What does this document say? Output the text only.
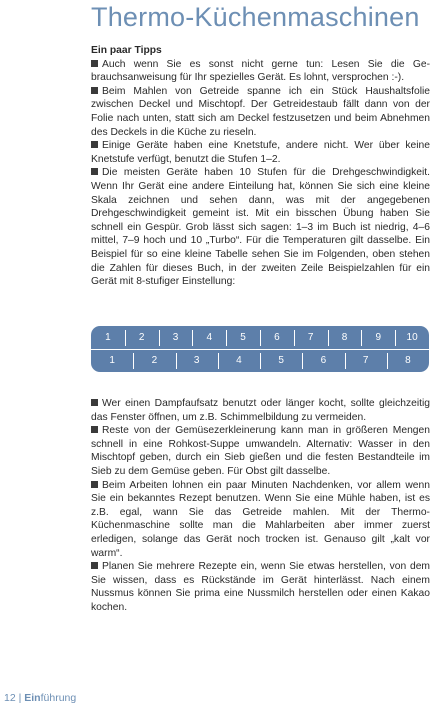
Thermo-Küchenmaschinen

Ein paar Tipps

Auch wenn Sie es sonst nicht gerne tun: Lesen Sie die Gebrauchsanweisung für Ihr spezielles Gerät. Es lohnt, versprochen :-).

Beim Mahlen von Getreide spanne ich ein Stück Haushaltsfolie zwischen Deckel und Mischtopf. Der Getreidestaub fällt dann von der Folie nach unten, statt sich am Deckel festzusetzen und beim Abnehmen des Deckels in die Küche zu rieseln.

Einige Geräte haben eine Knetstufe, andere nicht. Wer über keine Knetstufe verfügt, benutzt die Stufen 1–2.

Die meisten Geräte haben 10 Stufen für die Drehgeschwindigkeit. Wenn Ihr Gerät eine andere Einteilung hat, können Sie sich eine kleine Skala zeichnen und sehen dann, was mit der angegebenen Drehgeschwindigkeit gemeint ist. Mit ein bisschen Übung haben Sie schnell ein Gespür. Grob lässt sich sagen: 1–3 im Buch ist niedrig, 4–6 mittel, 7–9 hoch und 10 „Turbo“. Für die Temperaturen gilt dasselbe. Ein Beispiel für so eine kleine Tabelle sehen Sie im Folgenden, oben stehen die Zahlen für dieses Buch, in der zweiten Zeile Beispielzahlen für ein Gerät mit 8-stufiger Einstellung:

1	2	3	4	5	6	7	8	9	10
1	2	3	4	5	6	7	8

Wer einen Dampfaufsatz benutzt oder länger kocht, sollte gleichzeitig das Fenster öffnen, um z.B. Schimmelbildung zu vermeiden.

Reste von der Gemüsezerkleinerung kann man in größeren Mengen schnell in eine Rohkost-Suppe umwandeln. Alternativ: Wasser in den Mischtopf geben, durch ein Sieb gießen und die festen Bestandteile im Sieb zu dem Gemüse geben. Für Obst gilt dasselbe.

Beim Arbeiten lohnen ein paar Minuten Nachdenken, vor allem wenn Sie ein bekanntes Rezept benutzen. Wenn Sie eine Mühle haben, ist es z.B. egal, wann Sie das Getreide mahlen. Mit der Thermo-Küchenmaschine sollte man die Mahlarbeiten aber immer zuerst erledigen, solange das Gerät noch trocken ist. Genauso gilt „kalt vor warm“.

Planen Sie mehrere Rezepte ein, wenn Sie etwas herstellen, von dem Sie wissen, dass es Rückstände im Gerät hinterlässt. Nach einem Nussmus können Sie prima eine Nussmilch herstellen oder einen Kakao kochen.

12 | Einführung
